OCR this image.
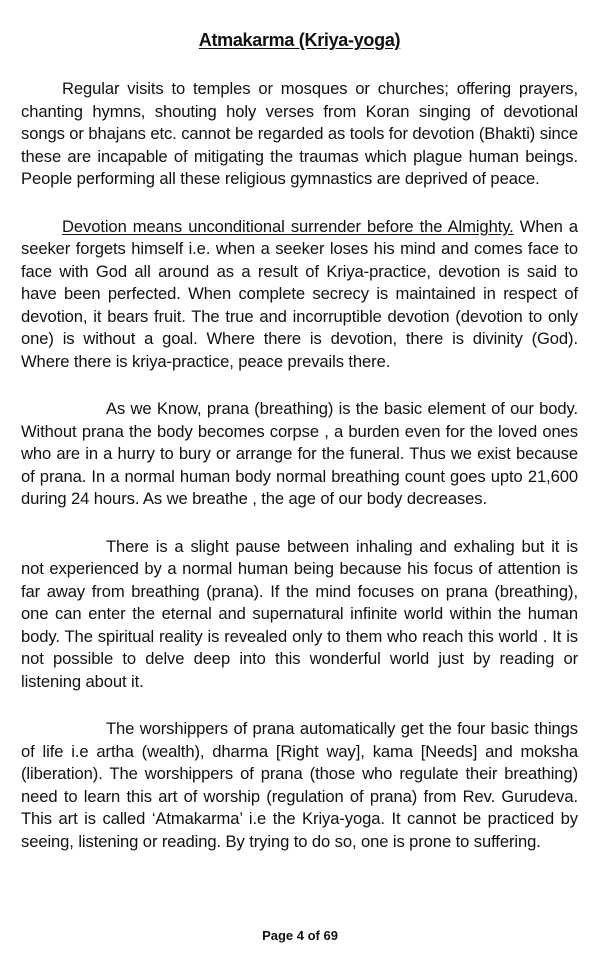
Atmakarma (Kriya-yoga)

Regular visits to temples or mosques or churches; offering prayers, chanting hymns, shouting holy verses from Koran singing of devotional songs or bhajans etc. cannot be regarded as tools for devotion (Bhakti) since these are incapable of mitigating the traumas which plague human beings. People performing all these religious gymnastics are deprived of peace.

Devotion means unconditional surrender before the Almighty. When a seeker forgets himself i.e. when a seeker loses his mind and comes face to face with God all around as a result of Kriya-practice, devotion is said to have been perfected. When complete secrecy is maintained in respect of devotion, it bears fruit. The true and incorruptible devotion (devotion to only one) is without a goal. Where there is devotion, there is divinity (God). Where there is kriya-practice, peace prevails there.

As we Know, prana (breathing) is the basic element of our body. Without prana the body becomes corpse , a burden even for the loved ones who are in a hurry to bury or arrange for the funeral. Thus we exist because of prana. In a normal human body normal breathing count goes upto 21,600 during 24 hours. As we breathe , the age of our body decreases.

There is a slight pause between inhaling and exhaling but it is not experienced by a normal human being because his focus of attention is far away from breathing (prana). If the mind focuses on prana (breathing), one can enter the eternal and supernatural infinite world within the human body. The spiritual reality is revealed only to them who reach this world . It is not possible to delve deep into this wonderful world just by reading or listening about it.

The worshippers of prana automatically get the four basic things of life i.e artha (wealth), dharma [Right way], kama [Needs] and moksha (liberation). The worshippers of prana (those who regulate their breathing) need to learn this art of worship (regulation of prana) from Rev. Gurudeva. This art is called ‘Atmakarma’ i.e the Kriya-yoga. It cannot be practiced by seeing, listening or reading. By trying to do so, one is prone to suffering.

Page 4 of 69
